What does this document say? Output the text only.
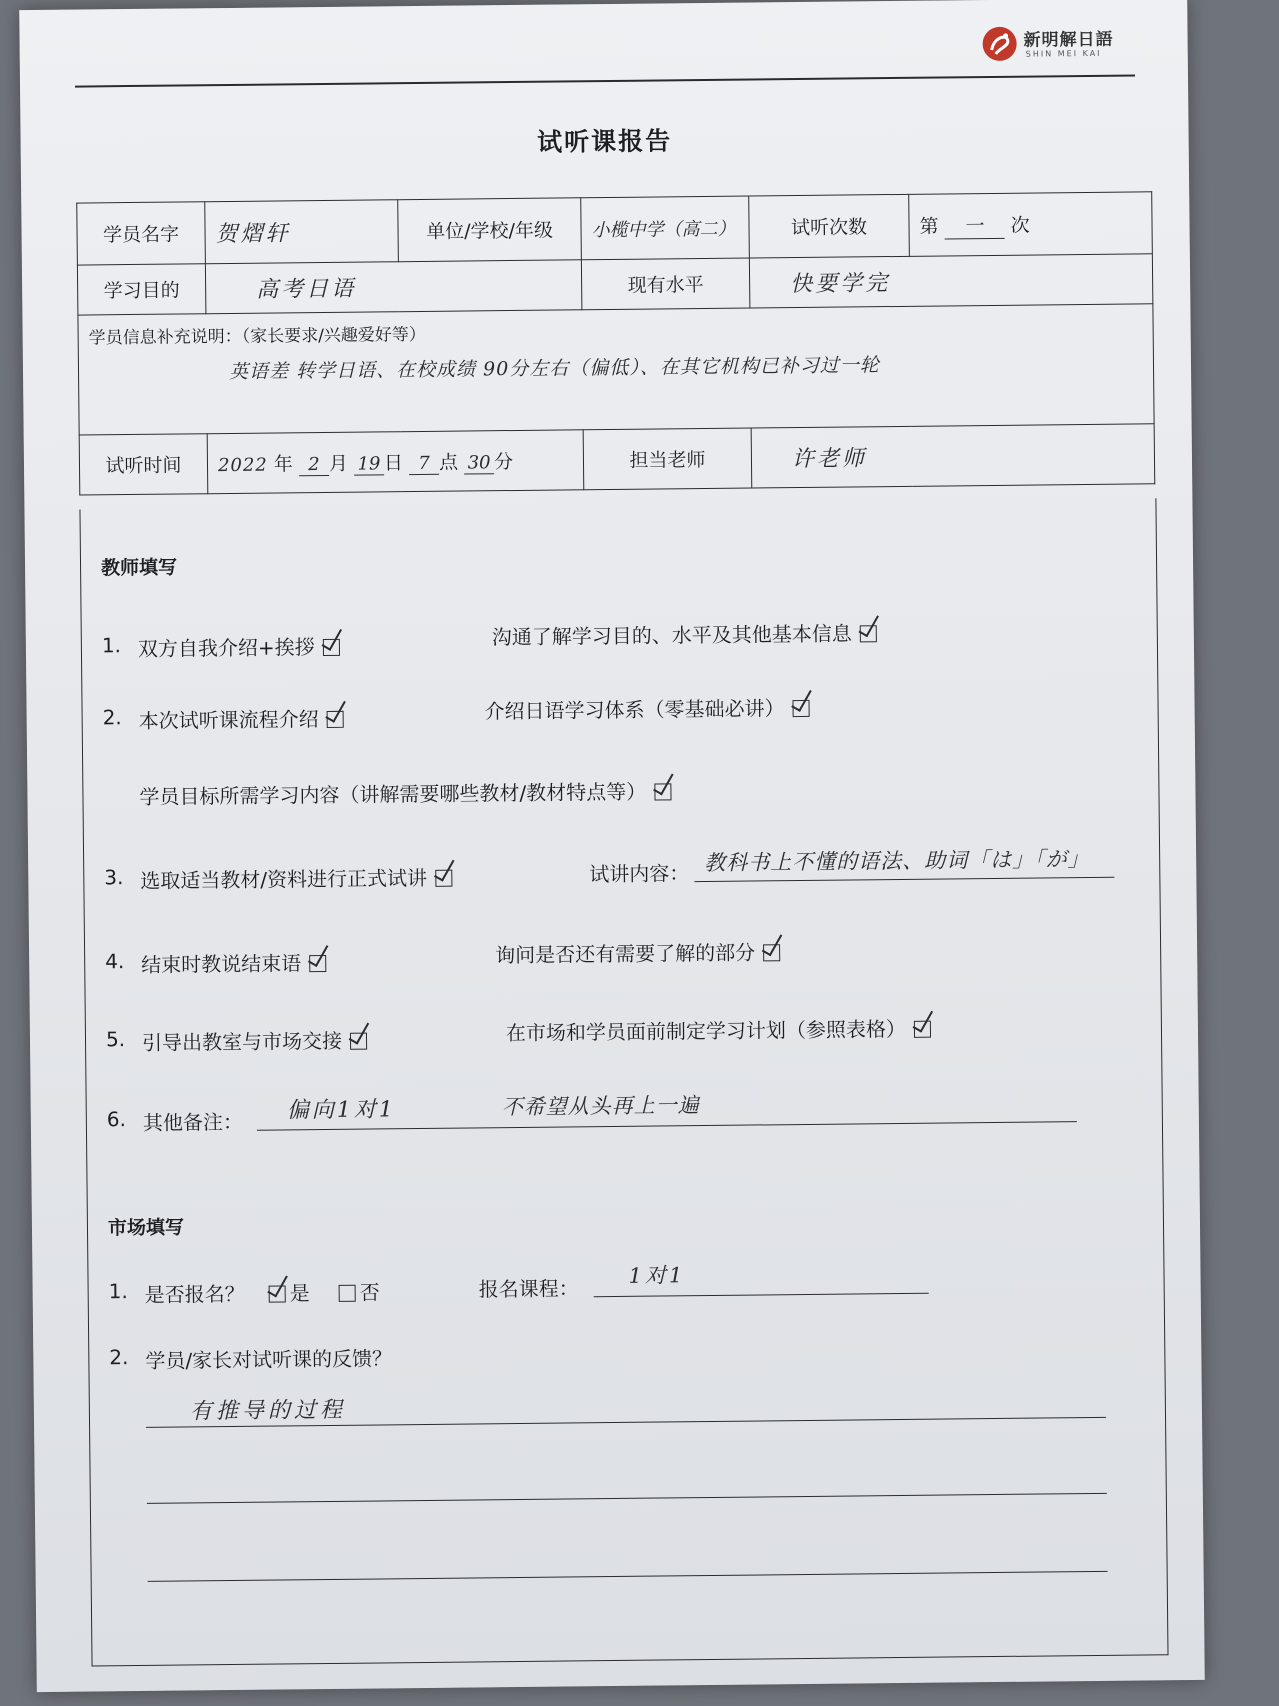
新明解日語
SHIN MEI KAI
试听课报告
学员名字	贺熠轩	单位/学校/年级	小榄中学（高二）	试听次数	第 一 次
学习目的	高考日语		现有水平	快要学完	

学员信息补充说明：（家长要求/兴趣爱好等）
英语差 转学日语、在校成绩 90分左右（偏低）、在其它机构已补习过一轮					

试听时间	2022 年 2 月 19 日 7 点 30 分		担当老师	许老师	
教师填写
1. 双方自我介绍+挨拶	沟通了解学习目的、水平及其他基本信息
2. 本次试听课流程介绍	介绍日语学习体系（零基础必讲）
学员目标所需学习内容（讲解需要哪些教材/教材特点等）
3. 选取适当教材/资料进行正式试讲	试讲内容： 教科书上不懂的语法、助词「は」「が」
4. 结束时教说结束语	询问是否还有需要了解的部分
5. 引导出教室与市场交接	在市场和学员面前制定学习计划（参照表格）
6. 其他备注： 偏向1对1	不希望从头再上一遍
市场填写
1. 是否报名？	是	否	报名课程：
1对1
2. 学员/家长对试听课的反馈？
有推导的过程
